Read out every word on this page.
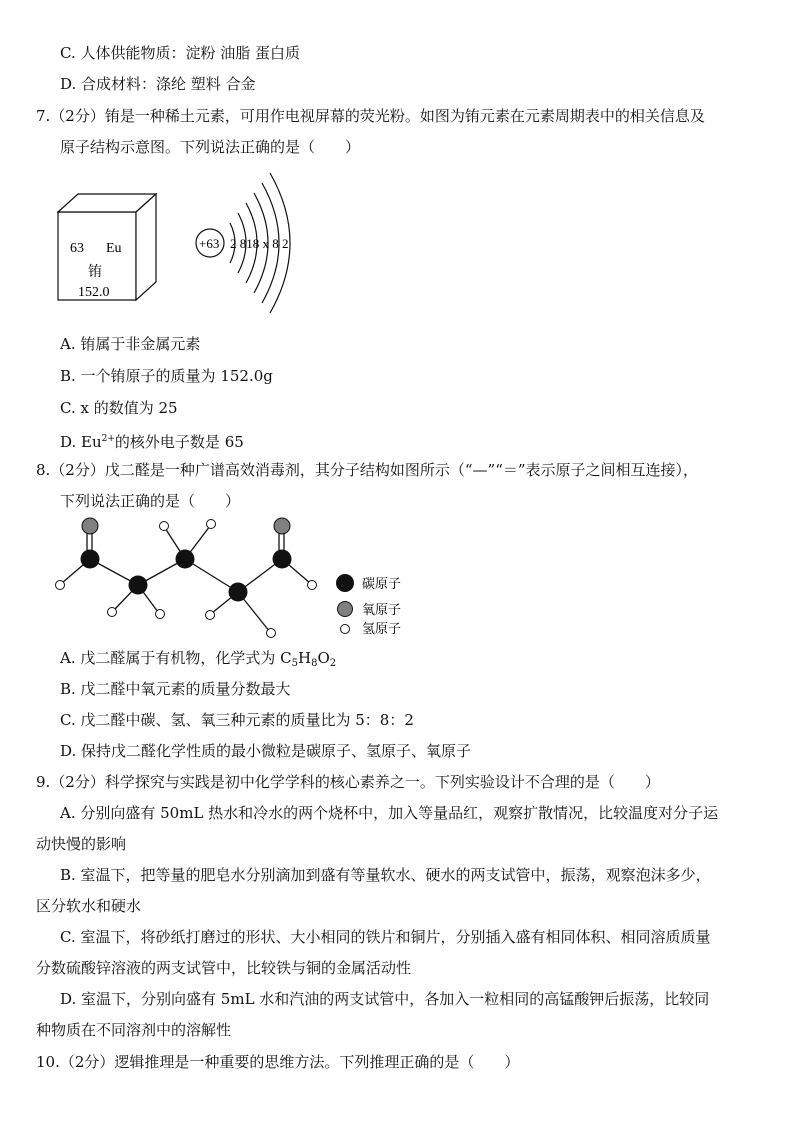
C. 人体供能物质：淀粉 油脂 蛋白质
D. 合成材料：涤纶 塑料 合金
7.（2分）铕是一种稀土元素，可用作电视屏幕的荧光粉。如图为铕元素在元素周期表中的相关信息及
原子结构示意图。下列说法正确的是（　　）
63 Eu
铕
152.0
+63 2 818 x 8 2
A. 铕属于非金属元素
B. 一个铕原子的质量为 152.0g
C. x 的数值为 25
D. $Eu^{2+}$的核外电子数是 65
8.（2分）戊二醛是一种广谱高效消毒剂，其分子结构如图所示（“—”“＝”表示原子之间相互连接），
下列说法正确的是（　　）
碳原子
氧原子
氢原子
A. 戊二醛属于有机物，化学式为 $C_5H_8O_2$
B. 戊二醛中氧元素的质量分数最大
C. 戊二醛中碳、氢、氧三种元素的质量比为 5：8：2
D. 保持戊二醛化学性质的最小微粒是碳原子、氢原子、氧原子
9.（2分）科学探究与实践是初中化学学科的核心素养之一。下列实验设计不合理的是（　　）
A. 分别向盛有 50mL 热水和冷水的两个烧杯中，加入等量品红，观察扩散情况，比较温度对分子运
动快慢的影响
B. 室温下，把等量的肥皂水分别滴加到盛有等量软水、硬水的两支试管中，振荡，观察泡沫多少，
区分软水和硬水
C. 室温下，将砂纸打磨过的形状、大小相同的铁片和铜片，分别插入盛有相同体积、相同溶质质量
分数硫酸锌溶液的两支试管中，比较铁与铜的金属活动性
D. 室温下，分别向盛有 5mL 水和汽油的两支试管中，各加入一粒相同的高锰酸钾后振荡，比较同
种物质在不同溶剂中的溶解性
10.（2分）逻辑推理是一种重要的思维方法。下列推理正确的是（　　）
